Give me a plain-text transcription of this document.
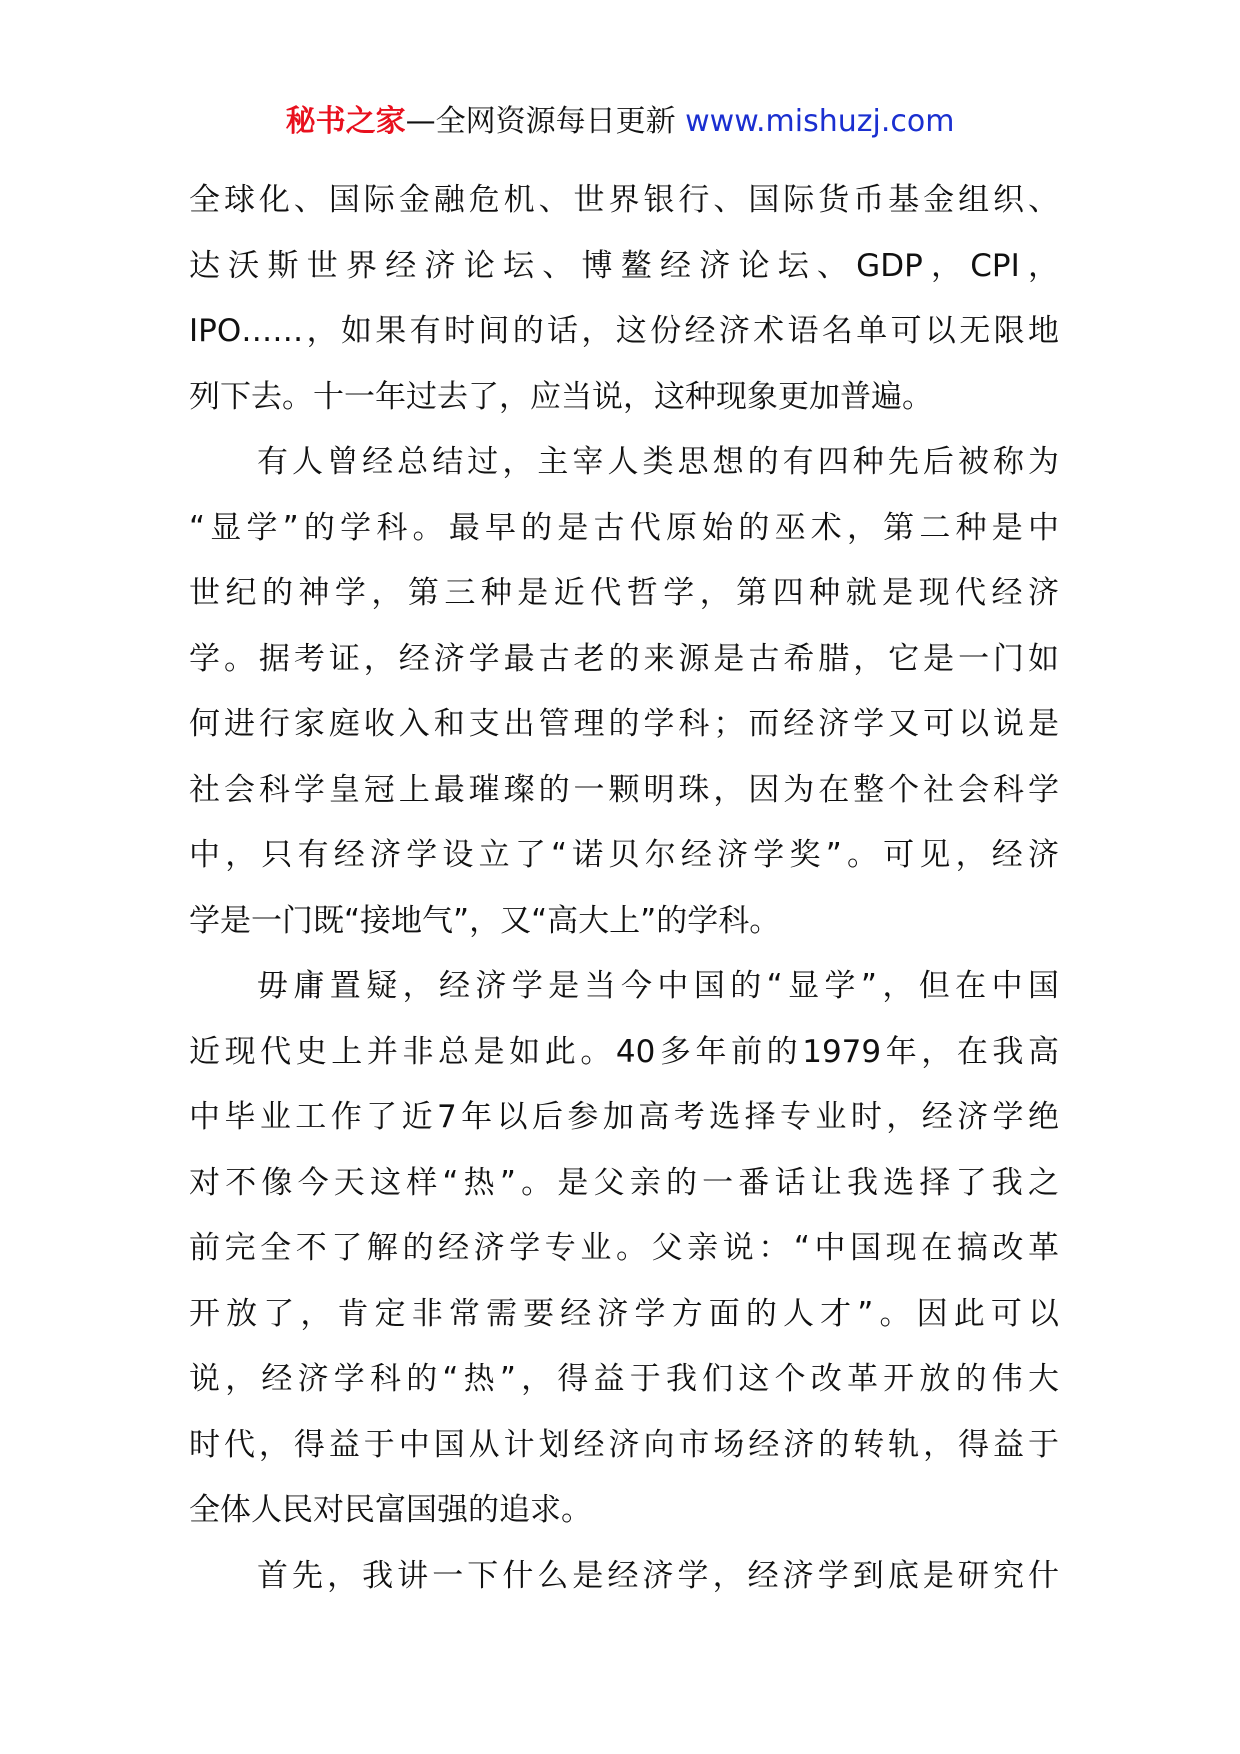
秘书之家—全网资源每日更新 www.mishuzj.com
全球化、国际金融危机、世界银行、国际货币基金组织、
达沃斯世界经济论坛、博鳌经济论坛、GDP，CPI，
IPO……，如果有时间的话，这份经济术语名单可以无限地
列下去。十一年过去了，应当说，这种现象更加普遍。
有人曾经总结过，主宰人类思想的有四种先后被称为
“显学”的学科。最早的是古代原始的巫术，第二种是中
世纪的神学，第三种是近代哲学，第四种就是现代经济
学。据考证，经济学最古老的来源是古希腊，它是一门如
何进行家庭收入和支出管理的学科；而经济学又可以说是
社会科学皇冠上最璀璨的一颗明珠，因为在整个社会科学
中，只有经济学设立了“诺贝尔经济学奖”。可见，经济
学是一门既“接地气”，又“高大上”的学科。
毋庸置疑，经济学是当今中国的“显学”，但在中国
近现代史上并非总是如此。40多年前的1979年，在我高
中毕业工作了近7年以后参加高考选择专业时，经济学绝
对不像今天这样“热”。是父亲的一番话让我选择了我之
前完全不了解的经济学专业。父亲说：“中国现在搞改革
开放了，肯定非常需要经济学方面的人才”。因此可以
说，经济学科的“热”，得益于我们这个改革开放的伟大
时代，得益于中国从计划经济向市场经济的转轨，得益于
全体人民对民富国强的追求。
首先，我讲一下什么是经济学，经济学到底是研究什
